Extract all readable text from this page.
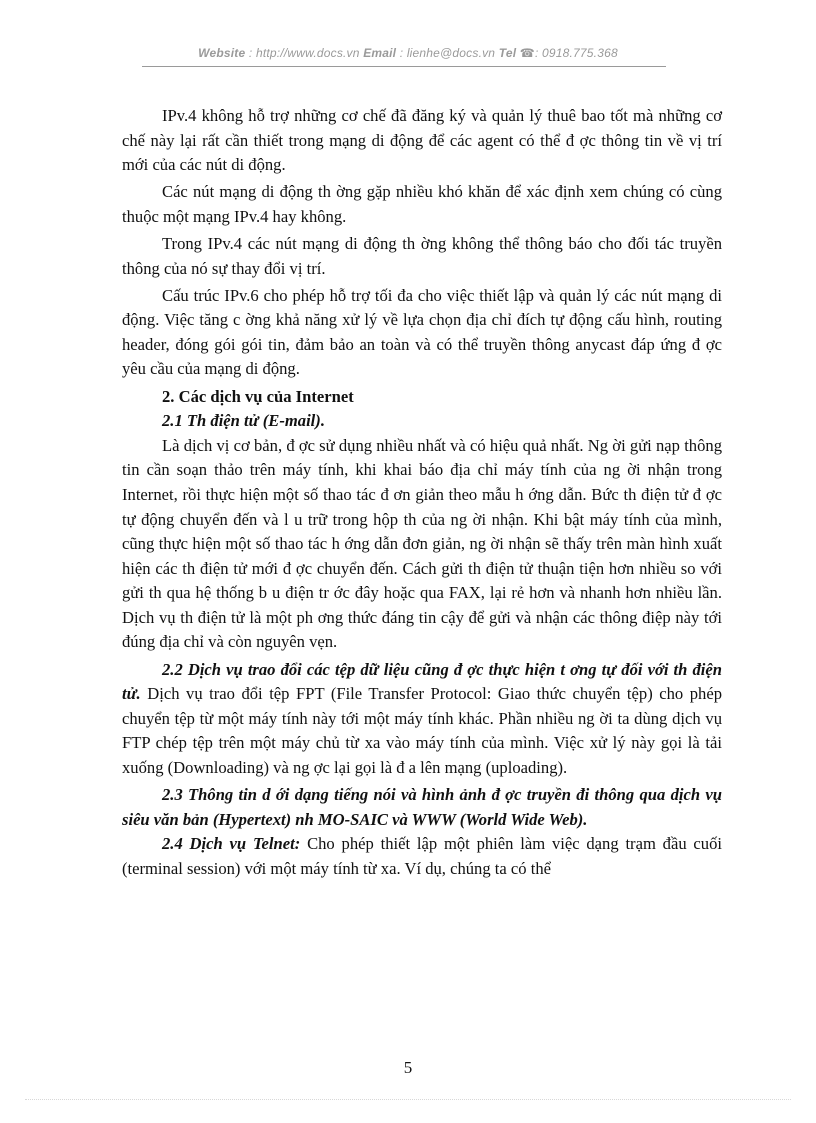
Website : http://www.docs.vn Email : lienhe@docs.vn Tel ☎: 0918.775.368

IPv.4 không hỗ trợ những cơ chế đã đăng ký và quản lý thuê bao tốt mà những cơ chế này lại rất cần thiết trong mạng di động để các agent có thể đ ợc thông tin về vị trí mới của các nút di động.

Các nút mạng di động th ờng gặp nhiều khó khăn để xác định xem chúng có cùng thuộc một mạng IPv.4 hay không.

Trong IPv.4 các nút mạng di động th ờng không thể thông báo cho đối tác truyền thông của nó sự thay đổi vị trí.

Cấu trúc IPv.6 cho phép hỗ trợ tối đa cho việc thiết lập và quản lý các nút mạng di động. Việc tăng c ờng khả năng xử lý về lựa chọn địa chỉ đích tự động cấu hình, routing header, đóng gói gói tin, đảm bảo an toàn và có thể truyền thông anycast đáp ứng đ ợc yêu cầu của mạng di động.

2. Các dịch vụ của Internet

2.1 Th điện tử (E-mail).

Là dịch vị cơ bản, đ ợc sử dụng nhiều nhất và có hiệu quả nhất. Ng ời gửi nạp thông tin cần soạn thảo trên máy tính, khi khai báo địa chỉ máy tính của ng ời nhận trong Internet, rồi thực hiện một số thao tác đ ơn giản theo mẫu h ớng dẫn. Bức th điện tử đ ợc tự động chuyển đến và l u trữ trong hộp th của ng ời nhận. Khi bật máy tính của mình, cũng thực hiện một số thao tác h ớng dẫn đơn giản, ng ời nhận sẽ thấy trên màn hình xuất hiện các th điện tử mới đ ợc chuyển đến. Cách gửi th điện tử thuận tiện hơn nhiều so với gửi th qua hệ thống b u điện tr ớc đây hoặc qua FAX, lại rẻ hơn và nhanh hơn nhiều lần. Dịch vụ th điện tử là một ph ơng thức đáng tin cậy để gửi và nhận các thông điệp này tới đúng địa chỉ và còn nguyên vẹn.

2.2 Dịch vụ trao đổi các tệp dữ liệu cũng đ ợc thực hiện t ơng tự đối với th điện tử. Dịch vụ trao đổi tệp FPT (File Transfer Protocol: Giao thức chuyển tệp) cho phép chuyển tệp từ một máy tính này tới một máy tính khác. Phần nhiều ng ời ta dùng dịch vụ FTP chép tệp trên một máy chủ từ xa vào máy tính của mình. Việc xử lý này gọi là tải xuống (Downloading) và ng ợc lại gọi là đ a lên mạng (uploading).

2.3 Thông tin d ới dạng tiếng nói và hình ảnh đ ợc truyền đi thông qua dịch vụ siêu văn bản (Hypertext) nh MO-SAIC và WWW (World Wide Web).

2.4 Dịch vụ Telnet: Cho phép thiết lập một phiên làm việc dạng trạm đầu cuối (terminal session) với một máy tính từ xa. Ví dụ, chúng ta có thể

5
